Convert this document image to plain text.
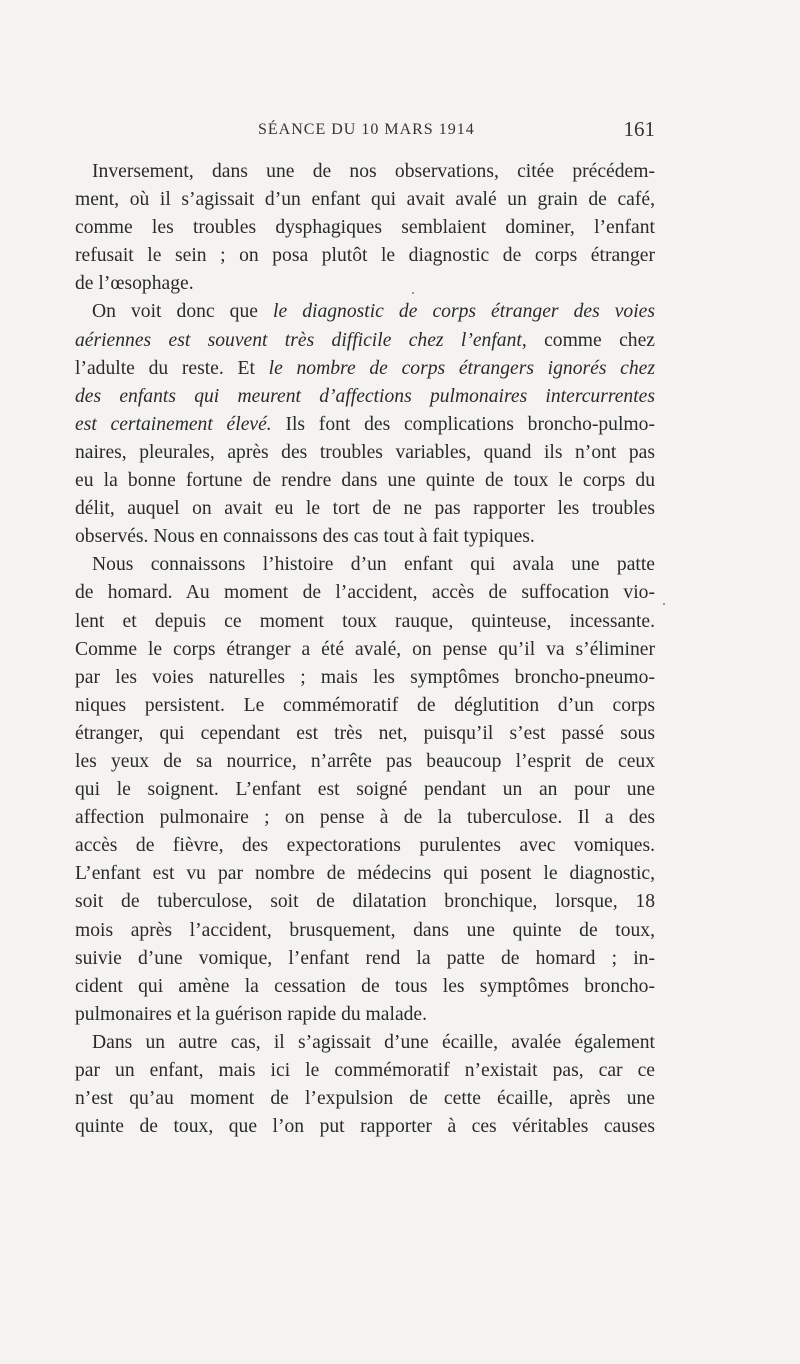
SÉANCE DU 10 MARS 1914	161
Inversement, dans une de nos observations, citée précédem-
ment, où il s’agissait d’un enfant qui avait avalé un grain de café,
comme les troubles dysphagiques semblaient dominer, l’enfant
refusait le sein ; on posa plutôt le diagnostic de corps étranger
de l’œsophage.
On voit donc que le diagnostic de corps étranger des voies
aériennes est souvent très difficile chez l’enfant, comme chez
l’adulte du reste. Et le nombre de corps étrangers ignorés chez
des enfants qui meurent d’affections pulmonaires intercurrentes
est certainement élevé. Ils font des complications broncho-pulmo-
naires, pleurales, après des troubles variables, quand ils n’ont pas
eu la bonne fortune de rendre dans une quinte de toux le corps du
délit, auquel on avait eu le tort de ne pas rapporter les troubles
observés. Nous en connaissons des cas tout à fait typiques.
Nous connaissons l’histoire d’un enfant qui avala une patte
de homard. Au moment de l’accident, accès de suffocation vio-
lent et depuis ce moment toux rauque, quinteuse, incessante.
Comme le corps étranger a été avalé, on pense qu’il va s’éliminer
par les voies naturelles ; mais les symptômes broncho-pneumo-
niques persistent. Le commémoratif de déglutition d’un corps
étranger, qui cependant est très net, puisqu’il s’est passé sous
les yeux de sa nourrice, n’arrête pas beaucoup l’esprit de ceux
qui le soignent. L’enfant est soigné pendant un an pour une
affection pulmonaire ; on pense à de la tuberculose. Il a des
accès de fièvre, des expectorations purulentes avec vomiques.
L’enfant est vu par nombre de médecins qui posent le diagnostic,
soit de tuberculose, soit de dilatation bronchique, lorsque, 18
mois après l’accident, brusquement, dans une quinte de toux,
suivie d’une vomique, l’enfant rend la patte de homard ; in-
cident qui amène la cessation de tous les symptômes broncho-
pulmonaires et la guérison rapide du malade.
Dans un autre cas, il s’agissait d’une écaille, avalée également
par un enfant, mais ici le commémoratif n’existait pas, car ce
n’est qu’au moment de l’expulsion de cette écaille, après une
quinte de toux, que l’on put rapporter à ces véritables causes
